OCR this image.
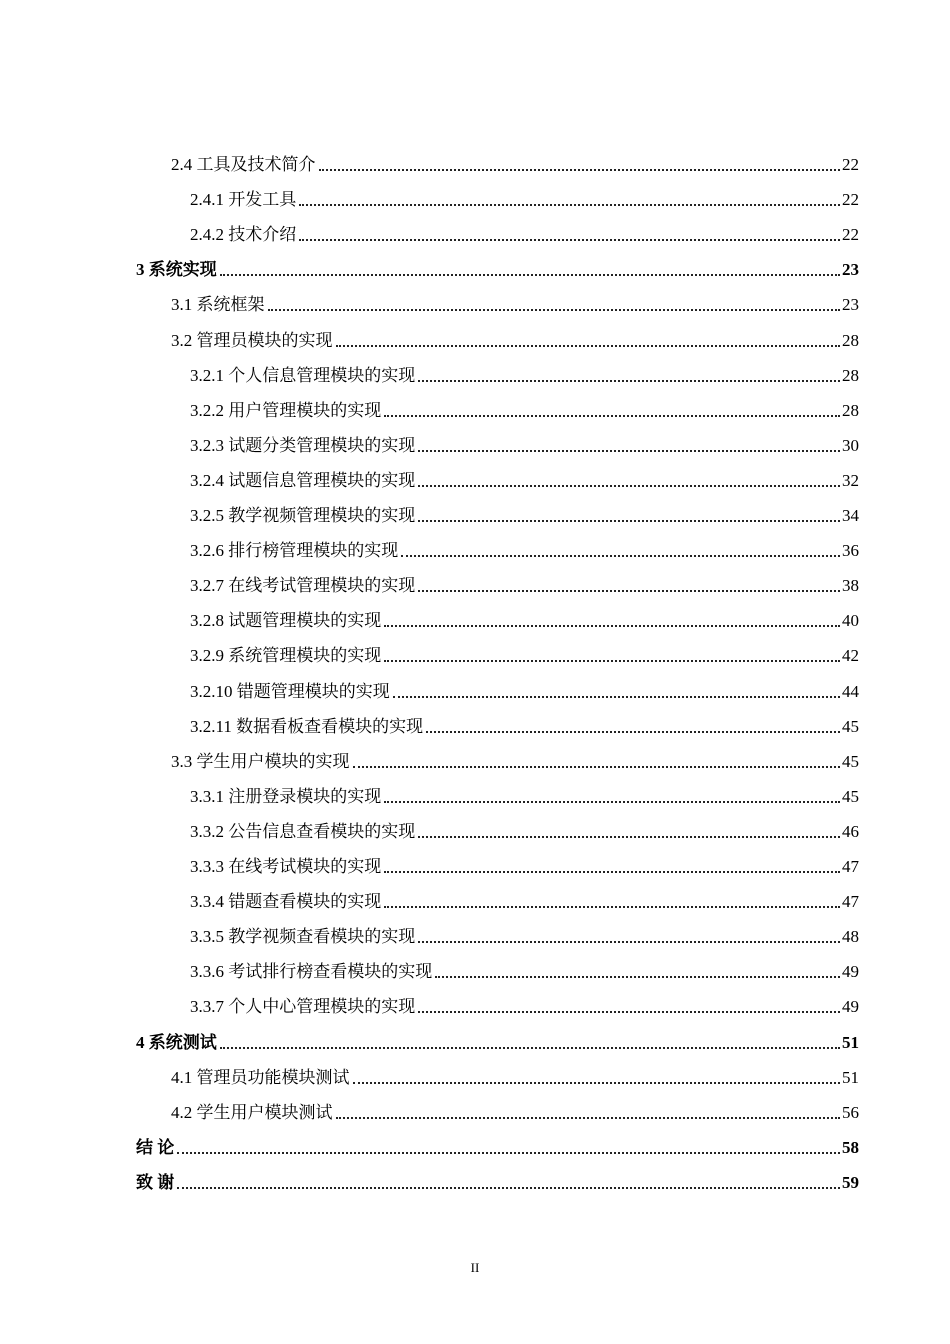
2.4 工具及技术简介	22
2.4.1 开发工具	22
2.4.2 技术介绍	22
3 系统实现	23
3.1 系统框架	23
3.2 管理员模块的实现	28
3.2.1 个人信息管理模块的实现	28
3.2.2 用户管理模块的实现	28
3.2.3 试题分类管理模块的实现	30
3.2.4 试题信息管理模块的实现	32
3.2.5 教学视频管理模块的实现	34
3.2.6 排行榜管理模块的实现	36
3.2.7 在线考试管理模块的实现	38
3.2.8 试题管理模块的实现	40
3.2.9 系统管理模块的实现	42
3.2.10 错题管理模块的实现	44
3.2.11 数据看板查看模块的实现	45
3.3 学生用户模块的实现	45
3.3.1 注册登录模块的实现	45
3.3.2 公告信息查看模块的实现	46
3.3.3 在线考试模块的实现	47
3.3.4 错题查看模块的实现	47
3.3.5 教学视频查看模块的实现	48
3.3.6 考试排行榜查看模块的实现	49
3.3.7 个人中心管理模块的实现	49
4 系统测试	51
4.1 管理员功能模块测试	51
4.2 学生用户模块测试	56
结 论	58
致 谢	59
II
